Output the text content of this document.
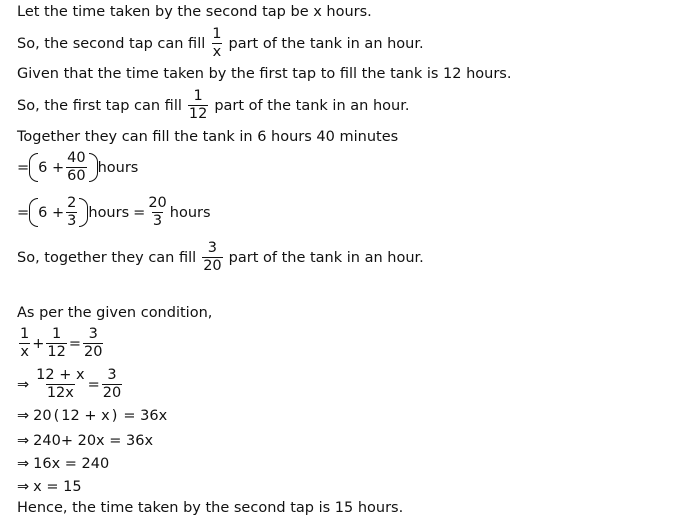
Let the time taken by the second tap be x hours.
So, the second tap can fill $\frac{1}{x}$ part of the tank in an hour.
Given that the time taken by the first tap to fill the tank is 12 hours.
So, the first tap can fill $\frac{1}{12}$ part of the tank in an hour.
Together they can fill the tank in 6 hours 40 minutes
= $6 + \frac{40}{60}$ hours
= $6 + \frac{2}{3}$ hours = $\frac{20}{3}$ hours
So, together they can fill $\frac{3}{20}$ part of the tank in an hour.
As per the given condition,
$\frac{1}{x} + \frac{1}{12} = \frac{3}{20}$
⇒ $\frac{12 + x}{12x} = \frac{3}{20}$
⇒ 20 ( 12 + x ) = 36x
⇒ 240+ 20x = 36x
⇒ 16x = 240
⇒ x = 15
Hence, the time taken by the second tap is 15 hours.
